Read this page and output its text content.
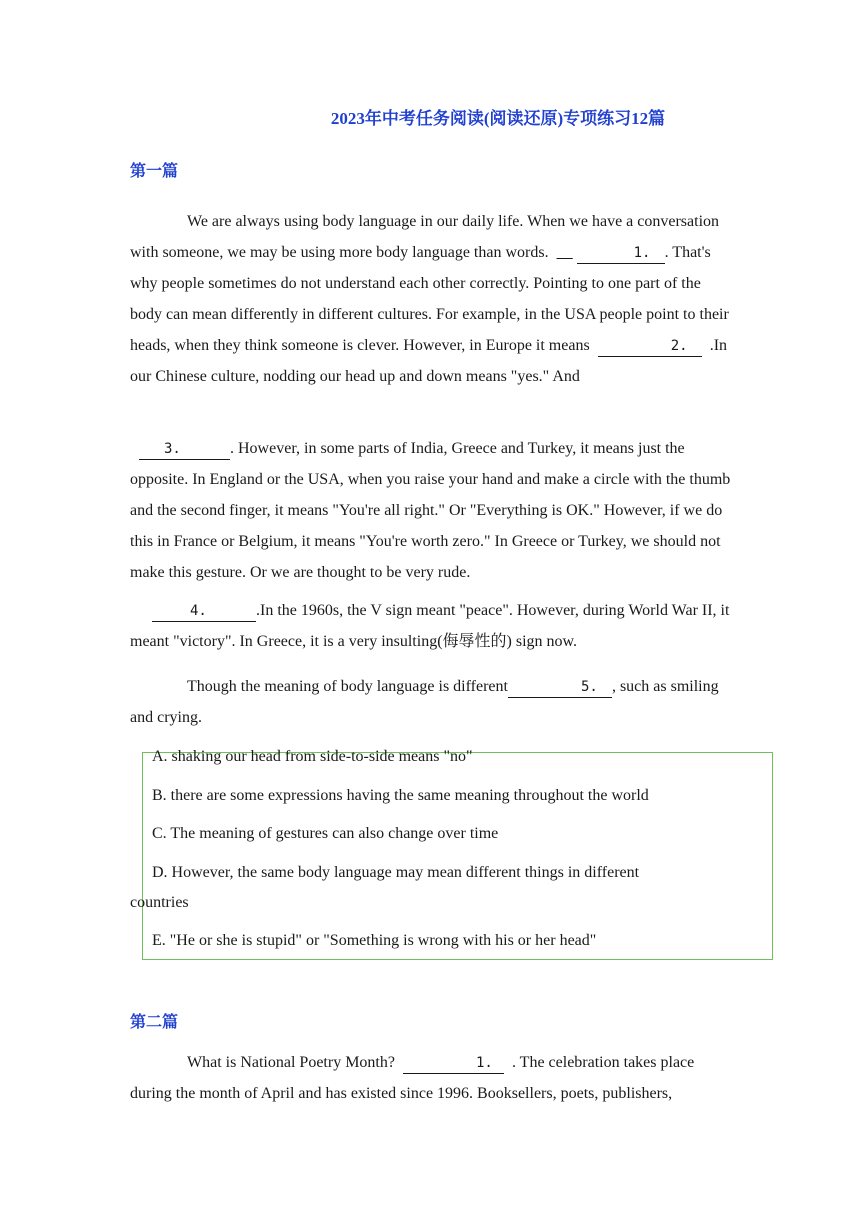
2023年中考任务阅读(阅读还原)专项练习12篇
第一篇

We are always using body language in our daily life. When we have a conversation with someone, we may be using more body language than words. __	1. . That's why people sometimes do not understand each other correctly. Pointing to one part of the body can mean differently in different cultures. For example, in the USA people point to their heads, when they think someone is clever. However, in Europe it means	2. .In our Chinese culture, nodding our head up and down means "yes." And

3.	. However, in some parts of India, Greece and Turkey, it means just the opposite. In England or the USA, when you raise your hand and make a circle with the thumb and the second finger, it means "You're all right." Or "Everything is OK." However, if we do this in France or Belgium, it means "You're worth zero." In Greece or Turkey, we should not make this gesture. Or we are thought to be very rude.

4.	.In the 1960s, the V sign meant "peace". However, during World War II, it meant "victory". In Greece, it is a very insulting(侮辱性的) sign now.

Though the meaning of body language is different	5. , such as smiling and crying.

A. shaking our head from side-to-side means "no"

B. there are some expressions having the same meaning throughout the world

C. The meaning of gestures can also change over time

D. However, the same body language may mean different things in different countries

E. "He or she is stupid" or "Something is wrong with his or her head"

第二篇

What is National Poetry Month?	1. . The celebration takes place during the month of April and has existed since 1996. Booksellers, poets, publishers,
